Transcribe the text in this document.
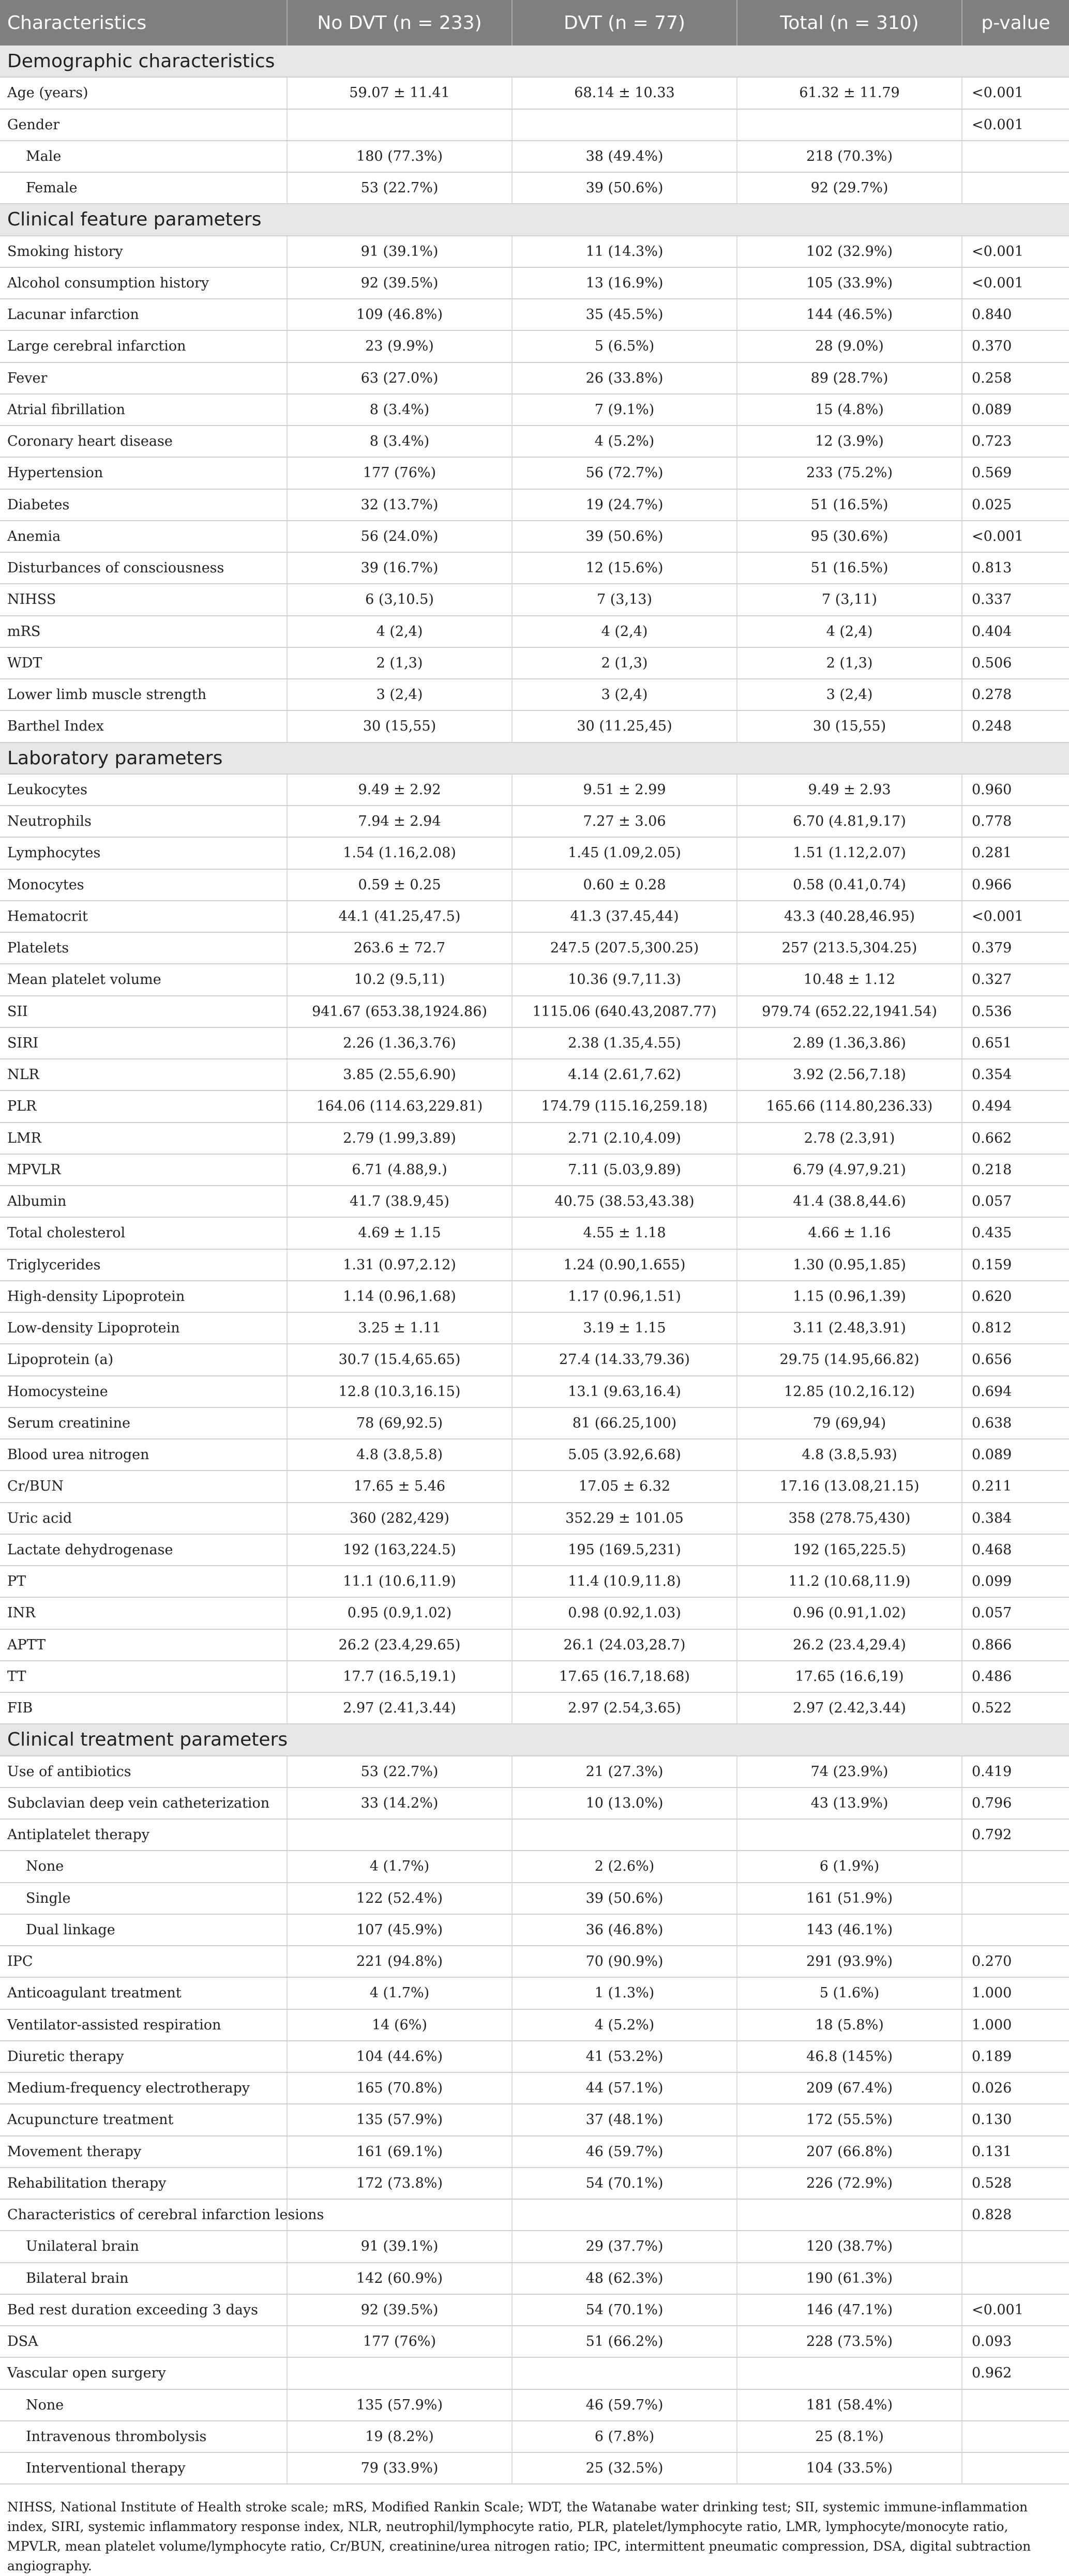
Characteristics	No DVT (n = 233)	DVT (n = 77)	Total (n = 310)	p-value
Demographic characteristics				
Age (years)	59.07 ± 11.41	68.14 ± 10.33	61.32 ± 11.79	<0.001
Gender				<0.001
Male	180 (77.3%)	38 (49.4%)	218 (70.3%)	
Female	53 (22.7%)	39 (50.6%)	92 (29.7%)	
Clinical feature parameters				
Smoking history	91 (39.1%)	11 (14.3%)	102 (32.9%)	<0.001
Alcohol consumption history	92 (39.5%)	13 (16.9%)	105 (33.9%)	<0.001
Lacunar infarction	109 (46.8%)	35 (45.5%)	144 (46.5%)	0.840
Large cerebral infarction	23 (9.9%)	5 (6.5%)	28 (9.0%)	0.370
Fever	63 (27.0%)	26 (33.8%)	89 (28.7%)	0.258
Atrial fibrillation	8 (3.4%)	7 (9.1%)	15 (4.8%)	0.089
Coronary heart disease	8 (3.4%)	4 (5.2%)	12 (3.9%)	0.723
Hypertension	177 (76%)	56 (72.7%)	233 (75.2%)	0.569
Diabetes	32 (13.7%)	19 (24.7%)	51 (16.5%)	0.025
Anemia	56 (24.0%)	39 (50.6%)	95 (30.6%)	<0.001
Disturbances of consciousness	39 (16.7%)	12 (15.6%)	51 (16.5%)	0.813
NIHSS	6 (3,10.5)	7 (3,13)	7 (3,11)	0.337
mRS	4 (2,4)	4 (2,4)	4 (2,4)	0.404
WDT	2 (1,3)	2 (1,3)	2 (1,3)	0.506
Lower limb muscle strength	3 (2,4)	3 (2,4)	3 (2,4)	0.278
Barthel Index	30 (15,55)	30 (11.25,45)	30 (15,55)	0.248
Laboratory parameters				
Leukocytes	9.49 ± 2.92	9.51 ± 2.99	9.49 ± 2.93	0.960
Neutrophils	7.94 ± 2.94	7.27 ± 3.06	6.70 (4.81,9.17)	0.778
Lymphocytes	1.54 (1.16,2.08)	1.45 (1.09,2.05)	1.51 (1.12,2.07)	0.281
Monocytes	0.59 ± 0.25	0.60 ± 0.28	0.58 (0.41,0.74)	0.966
Hematocrit	44.1 (41.25,47.5)	41.3 (37.45,44)	43.3 (40.28,46.95)	<0.001
Platelets	263.6 ± 72.7	247.5 (207.5,300.25)	257 (213.5,304.25)	0.379
Mean platelet volume	10.2 (9.5,11)	10.36 (9.7,11.3)	10.48 ± 1.12	0.327
SII	941.67 (653.38,1924.86)	1115.06 (640.43,2087.77)	979.74 (652.22,1941.54)	0.536
SIRI	2.26 (1.36,3.76)	2.38 (1.35,4.55)	2.89 (1.36,3.86)	0.651
NLR	3.85 (2.55,6.90)	4.14 (2.61,7.62)	3.92 (2.56,7.18)	0.354
PLR	164.06 (114.63,229.81)	174.79 (115.16,259.18)	165.66 (114.80,236.33)	0.494
LMR	2.79 (1.99,3.89)	2.71 (2.10,4.09)	2.78 (2.3,91)	0.662
MPVLR	6.71 (4.88,9.)	7.11 (5.03,9.89)	6.79 (4.97,9.21)	0.218
Albumin	41.7 (38.9,45)	40.75 (38.53,43.38)	41.4 (38.8,44.6)	0.057
Total cholesterol	4.69 ± 1.15	4.55 ± 1.18	4.66 ± 1.16	0.435
Triglycerides	1.31 (0.97,2.12)	1.24 (0.90,1.655)	1.30 (0.95,1.85)	0.159
High-density Lipoprotein	1.14 (0.96,1.68)	1.17 (0.96,1.51)	1.15 (0.96,1.39)	0.620
Low-density Lipoprotein	3.25 ± 1.11	3.19 ± 1.15	3.11 (2.48,3.91)	0.812
Lipoprotein (a)	30.7 (15.4,65.65)	27.4 (14.33,79.36)	29.75 (14.95,66.82)	0.656
Homocysteine	12.8 (10.3,16.15)	13.1 (9.63,16.4)	12.85 (10.2,16.12)	0.694
Serum creatinine	78 (69,92.5)	81 (66.25,100)	79 (69,94)	0.638
Blood urea nitrogen	4.8 (3.8,5.8)	5.05 (3.92,6.68)	4.8 (3.8,5.93)	0.089
Cr/BUN	17.65 ± 5.46	17.05 ± 6.32	17.16 (13.08,21.15)	0.211
Uric acid	360 (282,429)	352.29 ± 101.05	358 (278.75,430)	0.384
Lactate dehydrogenase	192 (163,224.5)	195 (169.5,231)	192 (165,225.5)	0.468
PT	11.1 (10.6,11.9)	11.4 (10.9,11.8)	11.2 (10.68,11.9)	0.099
INR	0.95 (0.9,1.02)	0.98 (0.92,1.03)	0.96 (0.91,1.02)	0.057
APTT	26.2 (23.4,29.65)	26.1 (24.03,28.7)	26.2 (23.4,29.4)	0.866
TT	17.7 (16.5,19.1)	17.65 (16.7,18.68)	17.65 (16.6,19)	0.486
FIB	2.97 (2.41,3.44)	2.97 (2.54,3.65)	2.97 (2.42,3.44)	0.522
Clinical treatment parameters				
Use of antibiotics	53 (22.7%)	21 (27.3%)	74 (23.9%)	0.419
Subclavian deep vein catheterization	33 (14.2%)	10 (13.0%)	43 (13.9%)	0.796
Antiplatelet therapy				0.792
None	4 (1.7%)	2 (2.6%)	6 (1.9%)	
Single	122 (52.4%)	39 (50.6%)	161 (51.9%)	
Dual linkage	107 (45.9%)	36 (46.8%)	143 (46.1%)	
IPC	221 (94.8%)	70 (90.9%)	291 (93.9%)	0.270
Anticoagulant treatment	4 (1.7%)	1 (1.3%)	5 (1.6%)	1.000
Ventilator-assisted respiration	14 (6%)	4 (5.2%)	18 (5.8%)	1.000
Diuretic therapy	104 (44.6%)	41 (53.2%)	46.8 (145%)	0.189
Medium-frequency electrotherapy	165 (70.8%)	44 (57.1%)	209 (67.4%)	0.026
Acupuncture treatment	135 (57.9%)	37 (48.1%)	172 (55.5%)	0.130
Movement therapy	161 (69.1%)	46 (59.7%)	207 (66.8%)	0.131
Rehabilitation therapy	172 (73.8%)	54 (70.1%)	226 (72.9%)	0.528
Characteristics of cerebral infarction lesions				0.828
Unilateral brain	91 (39.1%)	29 (37.7%)	120 (38.7%)	
Bilateral brain	142 (60.9%)	48 (62.3%)	190 (61.3%)	
Bed rest duration exceeding 3 days	92 (39.5%)	54 (70.1%)	146 (47.1%)	<0.001
DSA	177 (76%)	51 (66.2%)	228 (73.5%)	0.093
Vascular open surgery				0.962
None	135 (57.9%)	46 (59.7%)	181 (58.4%)	
Intravenous thrombolysis	19 (8.2%)	6 (7.8%)	25 (8.1%)	
Interventional therapy	79 (33.9%)	25 (32.5%)	104 (33.5%)	
NIHSS, National Institute of Health stroke scale; mRS, Modified Rankin Scale; WDT, the Watanabe water drinking test; SII, systemic immune-inflammation index, SIRI, systemic inflammatory response index, NLR, neutrophil/lymphocyte ratio, PLR, platelet/lymphocyte ratio, LMR, lymphocyte/monocyte ratio, MPVLR, mean platelet volume/lymphocyte ratio, Cr/BUN, creatinine/urea nitrogen ratio; IPC, intermittent pneumatic compression, DSA, digital subtraction angiography.
